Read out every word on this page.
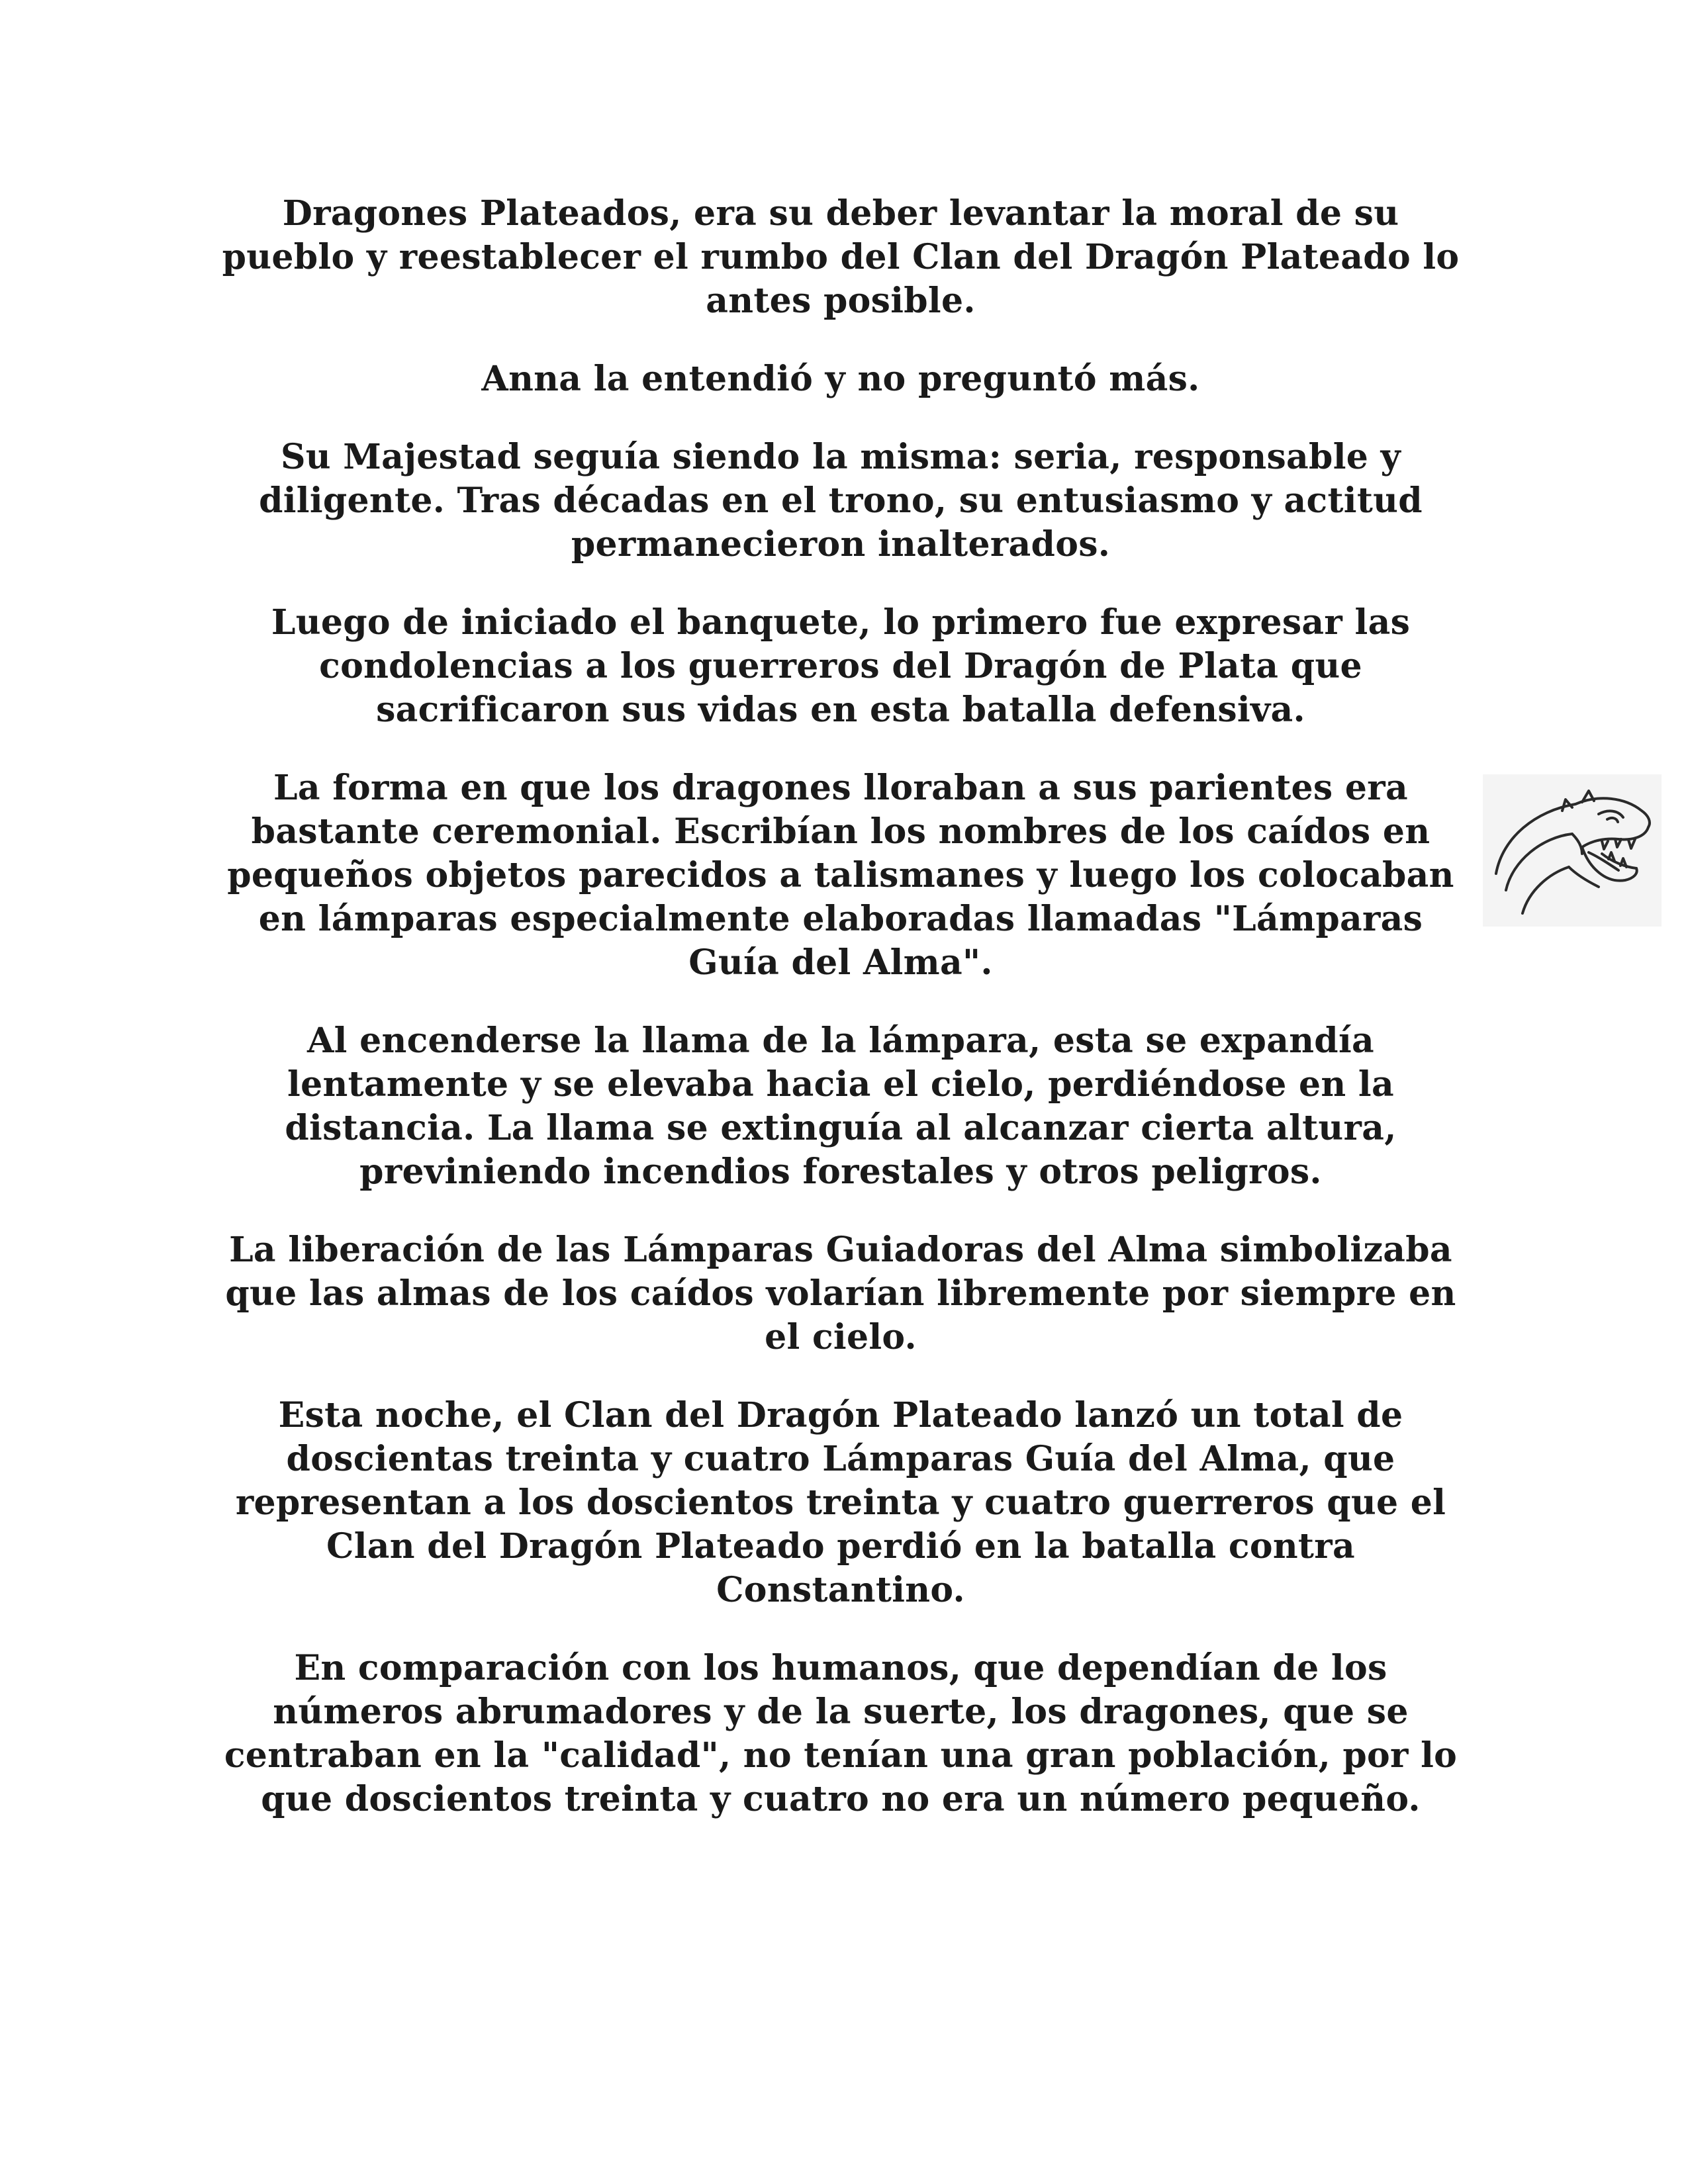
Dragones Plateados, era su deber levantar la moral de su pueblo y reestablecer el rumbo del Clan del Dragón Plateado lo antes posible.

Anna la entendió y no preguntó más.

Su Majestad seguía siendo la misma: seria, responsable y diligente. Tras décadas en el trono, su entusiasmo y actitud permanecieron inalterados.

Luego de iniciado el banquete, lo primero fue expresar las condolencias a los guerreros del Dragón de Plata que sacrificaron sus vidas en esta batalla defensiva.

La forma en que los dragones lloraban a sus parientes era bastante ceremonial. Escribían los nombres de los caídos en pequeños objetos parecidos a talismanes y luego los colocaban en lámparas especialmente elaboradas llamadas "Lámparas Guía del Alma".

Al encenderse la llama de la lámpara, esta se expandía lentamente y se elevaba hacia el cielo, perdiéndose en la distancia. La llama se extinguía al alcanzar cierta altura, previniendo incendios forestales y otros peligros.

La liberación de las Lámparas Guiadoras del Alma simbolizaba que las almas de los caídos volarían libremente por siempre en el cielo.

Esta noche, el Clan del Dragón Plateado lanzó un total de doscientas treinta y cuatro Lámparas Guía del Alma, que representan a los doscientos treinta y cuatro guerreros que el Clan del Dragón Plateado perdió en la batalla contra Constantino.

En comparación con los humanos, que dependían de los números abrumadores y de la suerte, los dragones, que se centraban en la "calidad", no tenían una gran población, por lo que doscientos treinta y cuatro no era un número pequeño.
